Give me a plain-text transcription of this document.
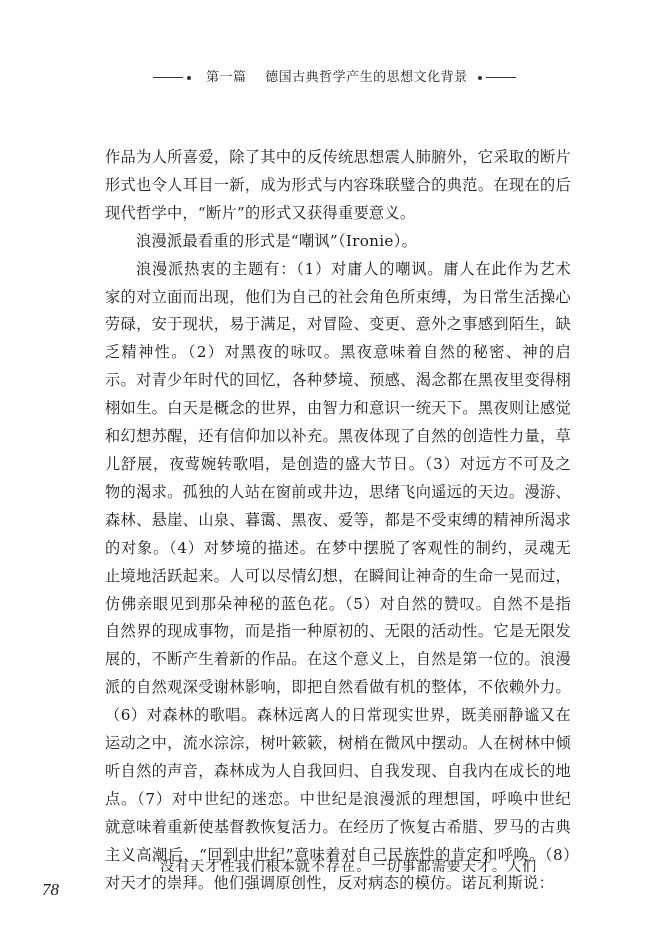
第一篇 德国古典哲学产生的思想文化背景

作品为人所喜爱，除了其中的反传统思想震人肺腑外，它采取的断片形式也令人耳目一新，成为形式与内容珠联璧合的典范。在现在的后现代哲学中，“断片”的形式又获得重要意义。

浪漫派最看重的形式是“嘲讽”（Ironie）。

浪漫派热衷的主题有：（1）对庸人的嘲讽。庸人在此作为艺术家的对立面而出现，他们为自己的社会角色所束缚，为日常生活操心劳碌，安于现状，易于满足，对冒险、变更、意外之事感到陌生，缺乏精神性。（2）对黑夜的咏叹。黑夜意味着自然的秘密、神的启示。对青少年时代的回忆，各种梦境、预感、渴念都在黑夜里变得栩栩如生。白天是概念的世界，由智力和意识一统天下。黑夜则让感觉和幻想苏醒，还有信仰加以补充。黑夜体现了自然的创造性力量，草儿舒展，夜莺婉转歌唱，是创造的盛大节日。（3）对远方不可及之物的渴求。孤独的人站在窗前或井边，思绪飞向遥远的天边。漫游、森林、悬崖、山泉、暮霭、黑夜、爱等，都是不受束缚的精神所渴求的对象。（4）对梦境的描述。在梦中摆脱了客观性的制约，灵魂无止境地活跃起来。人可以尽情幻想，在瞬间让神奇的生命一晃而过，仿佛亲眼见到那朵神秘的蓝色花。（5）对自然的赞叹。自然不是指自然界的现成事物，而是指一种原初的、无限的活动性。它是无限发展的，不断产生着新的作品。在这个意义上，自然是第一位的。浪漫派的自然观深受谢林影响，即把自然看做有机的整体，不依赖外力。（6）对森林的歌唱。森林远离人的日常现实世界，既美丽静谧又在运动之中，流水淙淙，树叶簌簌，树梢在微风中摆动。人在树林中倾听自然的声音，森林成为人自我回归、自我发现、自我内在成长的地点。（7）对中世纪的迷恋。中世纪是浪漫派的理想国，呼唤中世纪就意味着重新使基督教恢复活力。在经历了恢复古希腊、罗马的古典主义高潮后，“回到中世纪”意味着对自己民族性的肯定和呼唤。（8）对天才的崇拜。他们强调原创性，反对病态的模仿。诺瓦利斯说：

没有天才性我们根本就不存在。一切事都需要天才。人们
78
